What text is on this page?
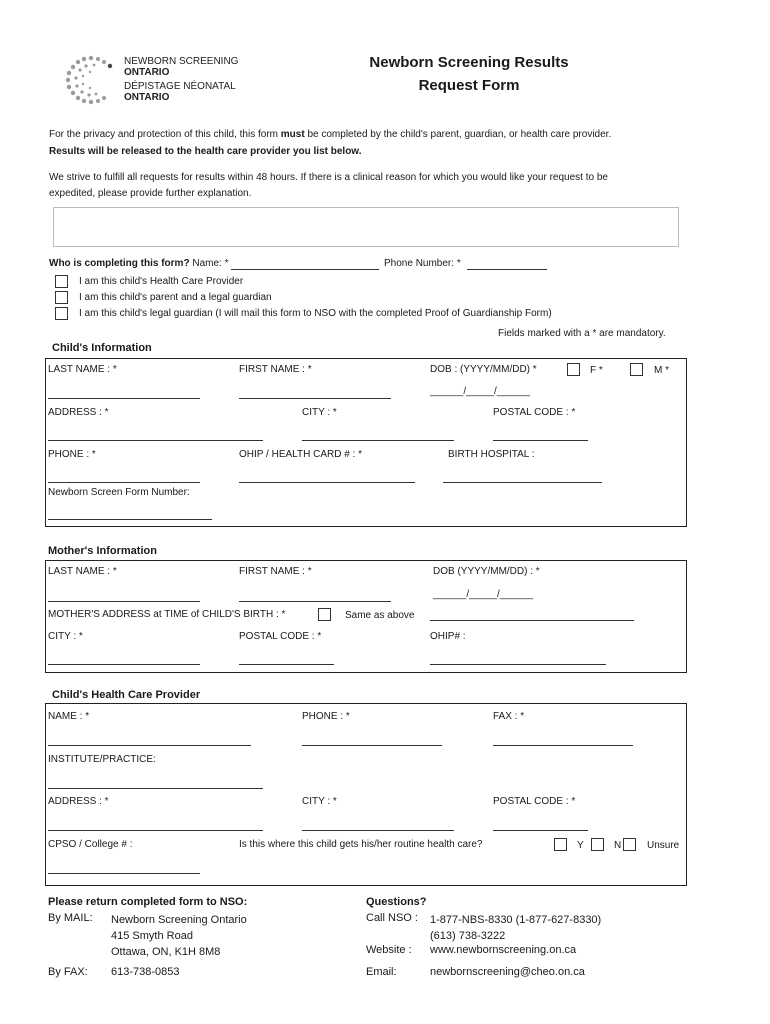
NEWBORN SCREENING
ONTARIO
DÉPISTAGE NÉONATAL
ONTARIO
Newborn Screening Results
Request Form
For the privacy and protection of this child, this form must be completed by the child's parent, guardian, or health care provider.
Results will be released to the health care provider you list below.
We strive to fulfill all requests for results within 48 hours. If there is a clinical reason for which you would like your request to be
expedited, please provide further explanation.
Who is completing this form? Name: *	Phone Number: *
I am this child's Health Care Provider
I am this child's parent and a legal guardian
I am this child's legal guardian (I will mail this form to NSO with the completed Proof of Guardianship Form)
Fields marked with a * are mandatory.
Child's Information
LAST NAME : *	FIRST NAME : *	DOB : (YYYY/MM/DD) *	F *	M *
______/_____/______
ADDRESS : *	CITY : *	POSTAL CODE : *
PHONE : *	OHIP / HEALTH CARD # : *	BIRTH HOSPITAL :
Newborn Screen Form Number:
Mother's Information
LAST NAME : *	FIRST NAME : *	DOB (YYYY/MM/DD) : *
______/_____/______
MOTHER'S ADDRESS at TIME of CHILD'S BIRTH : *	Same as above
CITY : *	POSTAL CODE : *	OHIP# :
Child's Health Care Provider
NAME : *	PHONE : *	FAX : *
INSTITUTE/PRACTICE:
ADDRESS : *	CITY : *	POSTAL CODE : *
CPSO / College # :	Is this where this child gets his/her routine health care?	Y	N	Unsure
Please return completed form to NSO:
By MAIL: Newborn Screening Ontario
415 Smyth Road
Ottawa, ON, K1H 8M8
By FAX: 613-738-0853
Questions?
Call NSO : 1-877-NBS-8330 (1-877-627-8330)
(613) 738-3222
Website : www.newbornscreening.on.ca
Email:	newbornscreening@cheo.on.ca
